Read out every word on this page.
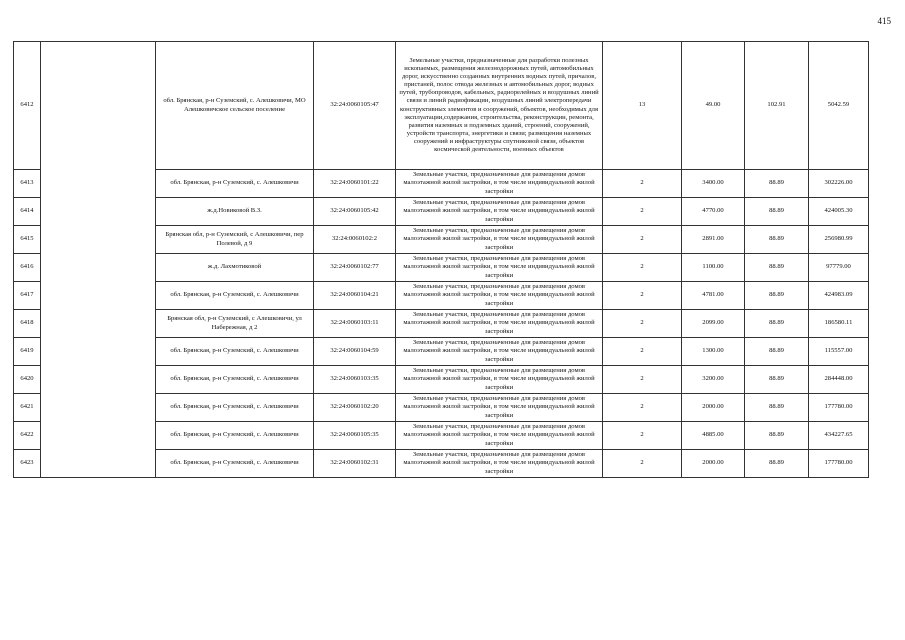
415
6412		обл. Брянская, р-н Суземский, с. Алешковичи, МО Алешковичское сельское поселение	32:24:0060105:47	Земельные участки, предназначенные для разработки полезных ископаемых, размещения железнодорожных путей, автомобильных дорог, искусственно созданных внутренних водных путей, причалов, пристаней, полос отвода железных и автомобильных дорог, водных путей, трубопроводов, кабельных, радиорелейных и воздушных линий связи и линий радиофикации, воздушных линий электропередачи конструктивных элементов и сооружений, объектов, необходимых для эксплуатации,содержания, строительства, реконструкции, ремонта, развития наземных и подземных зданий, строений, сооружений, устройств транспорта, энергетики и связи; размещения наземных сооружений и инфраструктуры спутниковой связи, объектов космической деятельности, военных объектов	13	49.00	102.91	5042.59
6413		обл. Брянская, р-н Суземский, с. Алешковичи	32:24:0060101:22	Земельные участки, предназначенные для размещения домов малоэтажной жилой застройки, в том числе индивидуальной жилой застройки	2	3400.00	88.89	302226.00
6414		ж.д.Новиковой В.З.	32:24:0060105:42	Земельные участки, предназначенные для размещения домов малоэтажной жилой застройки, в том числе индивидуальной жилой застройки	2	4770.00	88.89	424005.30
6415		Брянская обл, р-н Суземский, с Алешковичи, пер Полевой, д 9	32:24:0060102:2	Земельные участки, предназначенные для размещения домов малоэтажной жилой застройки, в том числе индивидуальной жилой застройки	2	2891.00	88.89	256980.99
6416		ж.д. Лахмотиковой	32:24:0060102:77	Земельные участки, предназначенные для размещения домов малоэтажной жилой застройки, в том числе индивидуальной жилой застройки	2	1100.00	88.89	97779.00
6417		обл. Брянская, р-н Суземский, с. Алешковичи	32:24:0060104:21	Земельные участки, предназначенные для размещения домов малоэтажной жилой застройки, в том числе индивидуальной жилой застройки	2	4781.00	88.89	424983.09
6418		Брянская обл, р-н Суземский, с Алешковичи, ул Набережная, д 2	32:24:0060103:11	Земельные участки, предназначенные для размещения домов малоэтажной жилой застройки, в том числе индивидуальной жилой застройки	2	2099.00	88.89	186580.11
6419		обл. Брянская, р-н Суземский, с. Алешковичи	32:24:0060104:59	Земельные участки, предназначенные для размещения домов малоэтажной жилой застройки, в том числе индивидуальной жилой застройки	2	1300.00	88.89	115557.00
6420		обл. Брянская, р-н Суземский, с. Алешковичи	32:24:0060103:35	Земельные участки, предназначенные для размещения домов малоэтажной жилой застройки, в том числе индивидуальной жилой застройки	2	3200.00	88.89	284448.00
6421		обл. Брянская, р-н Суземский, с. Алешковичи	32:24:0060102:20	Земельные участки, предназначенные для размещения домов малоэтажной жилой застройки, в том числе индивидуальной жилой застройки	2	2000.00	88.89	177780.00
6422		обл. Брянская, р-н Суземский, с. Алешковичи	32:24:0060105:35	Земельные участки, предназначенные для размещения домов малоэтажной жилой застройки, в том числе индивидуальной жилой застройки	2	4885.00	88.89	434227.65
6423		обл. Брянская, р-н Суземский, с. Алешковичи	32:24:0060102:31	Земельные участки, предназначенные для размещения домов малоэтажной жилой застройки, в том числе индивидуальной жилой застройки	2	2000.00	88.89	177780.00
